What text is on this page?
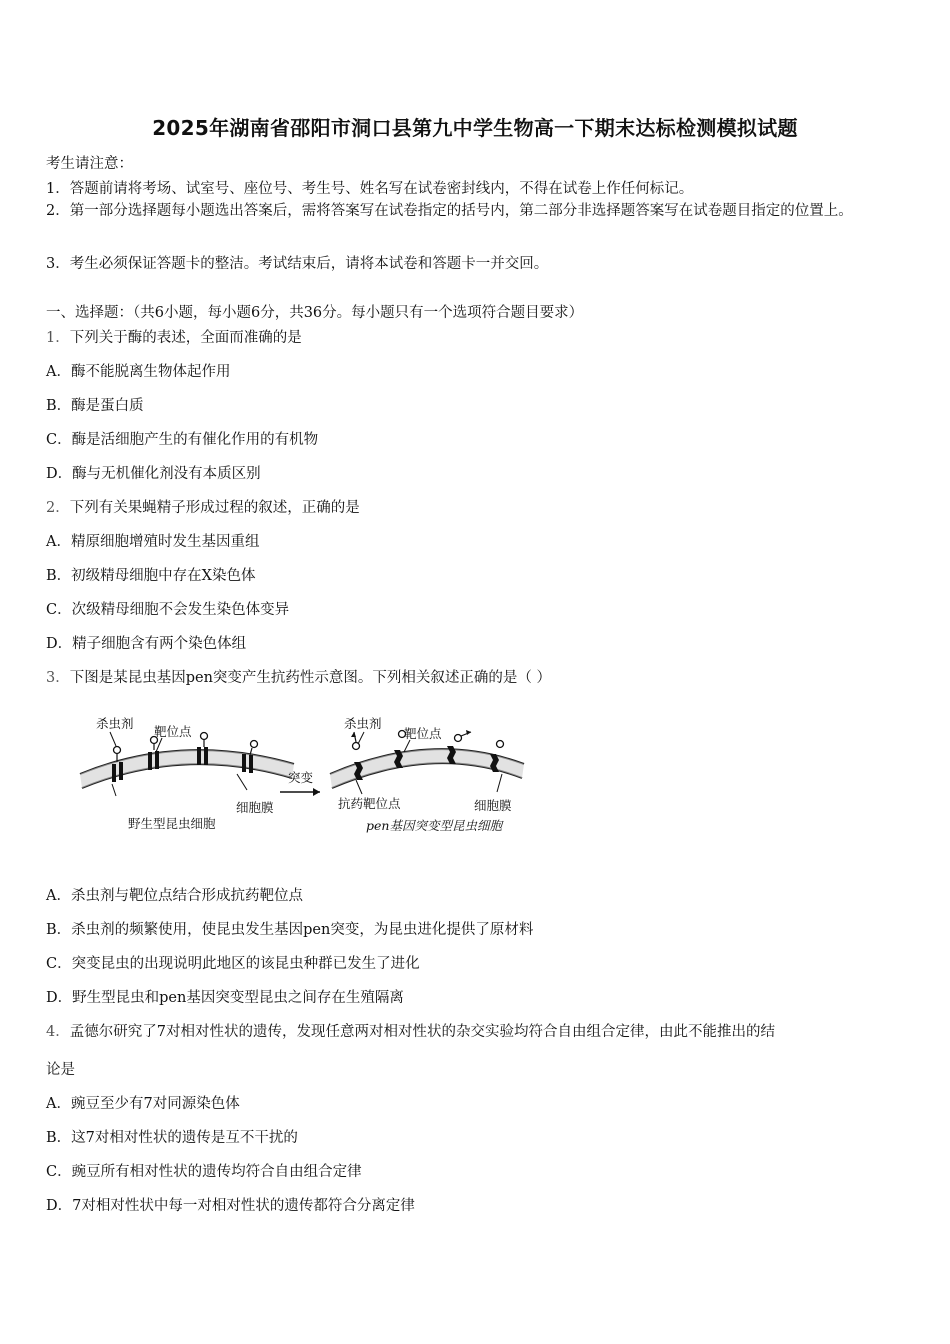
2025年湖南省邵阳市洞口县第九中学生物高一下期末达标检测模拟试题
考生请注意：
1．答题前请将考场、试室号、座位号、考生号、姓名写在试卷密封线内，不得在试卷上作任何标记。
2．第一部分选择题每小题选出答案后，需将答案写在试卷指定的括号内，第二部分非选择题答案写在试卷题目指定的位置上。
3．考生必须保证答题卡的整洁。考试结束后，请将本试卷和答题卡一并交回。
一、选择题：（共6小题，每小题6分，共36分。每小题只有一个选项符合题目要求）
1．下列关于酶的表述，全面而准确的是
A．酶不能脱离生物体起作用
B．酶是蛋白质
C．酶是活细胞产生的有催化作用的有机物
D．酶与无机催化剂没有本质区别
2．下列有关果蝇精子形成过程的叙述，正确的是
A．精原细胞增殖时发生基因重组
B．初级精母细胞中存在X染色体
C．次级精母细胞不会发生染色体变异
D．精子细胞含有两个染色体组
3．下图是某昆虫基因pen突变产生抗药性示意图。下列相关叙述正确的是（ ）
杀虫剂
靶位点
细胞膜
野生型昆虫细胞
突变
杀虫剂
靶位点
抗药靶位点	细胞膜
pen基因突变型昆虫细胞
A．杀虫剂与靶位点结合形成抗药靶位点
B．杀虫剂的频繁使用，使昆虫发生基因pen突变，为昆虫进化提供了原材料
C．突变昆虫的出现说明此地区的该昆虫种群已发生了进化
D．野生型昆虫和pen基因突变型昆虫之间存在生殖隔离
4．孟德尔研究了7对相对性状的遗传，发现任意两对相对性状的杂交实验均符合自由组合定律，由此不能推出的结
论是
A．豌豆至少有7对同源染色体
B．这7对相对性状的遗传是互不干扰的
C．豌豆所有相对性状的遗传均符合自由组合定律
D．7对相对性状中每一对相对性状的遗传都符合分离定律
